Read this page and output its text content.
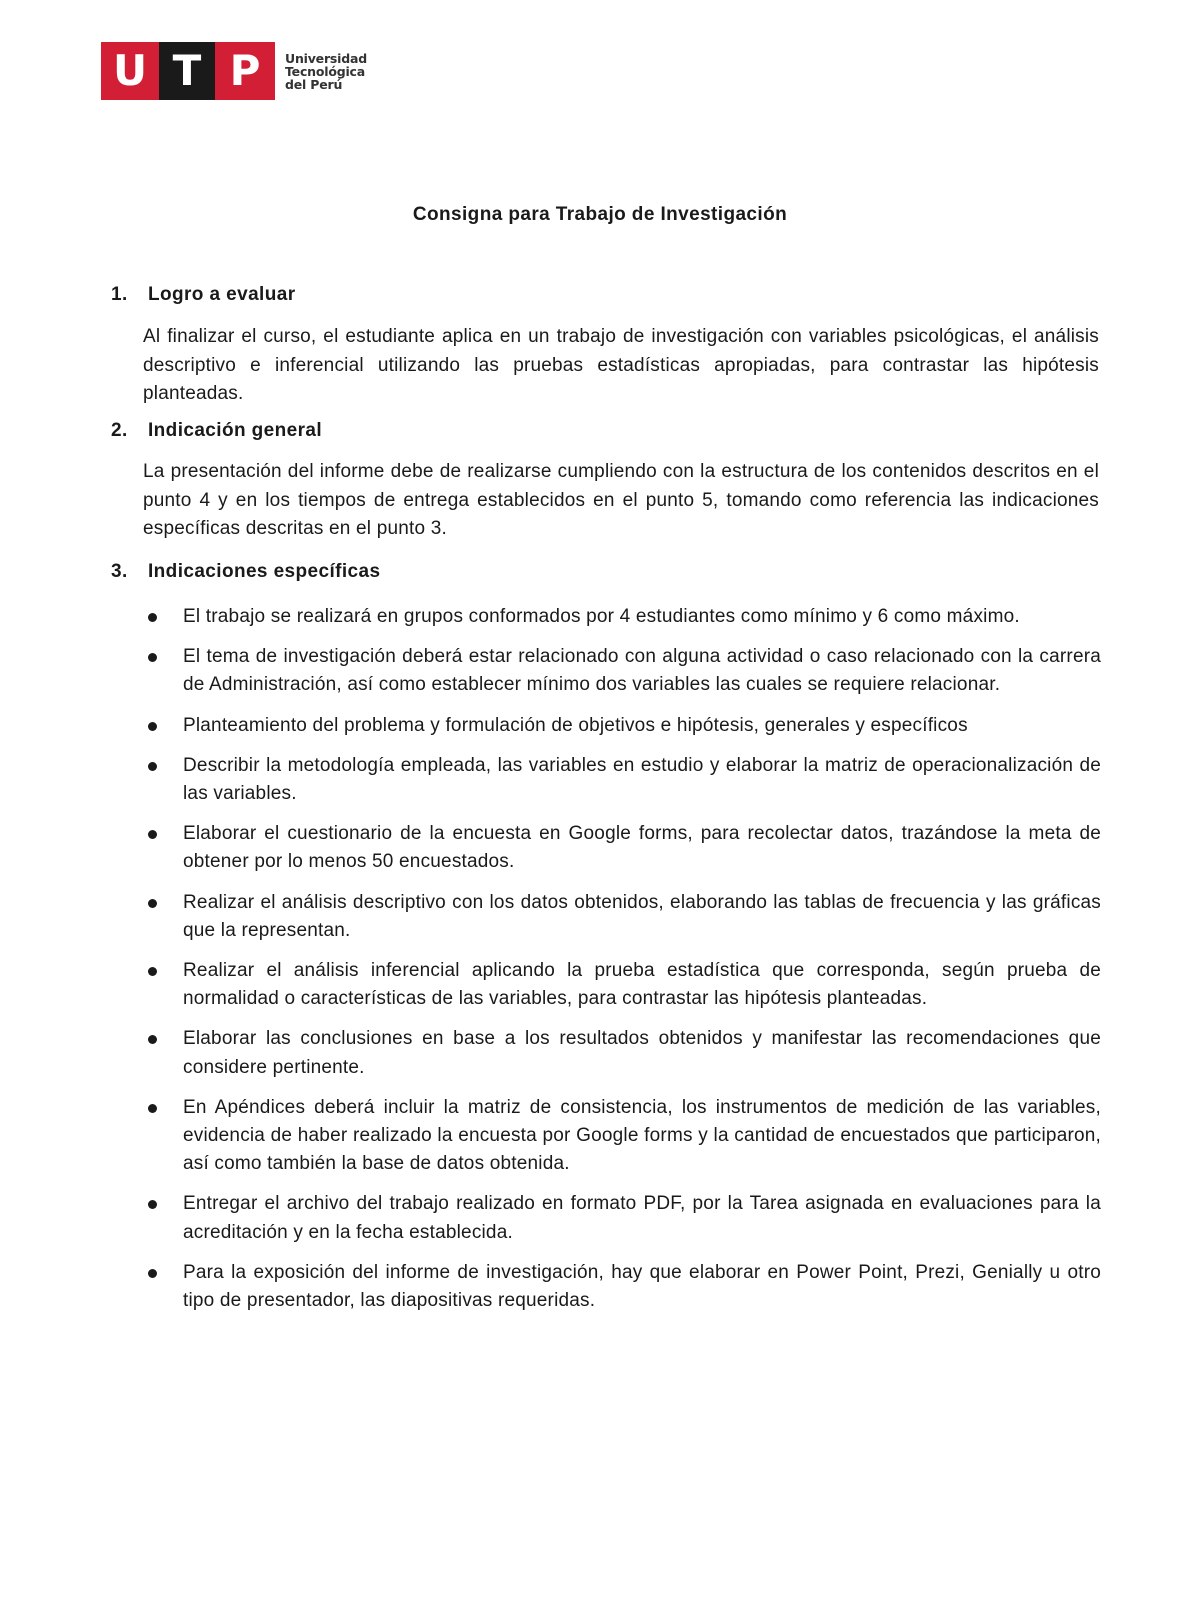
U T P	Universidad
Tecnológica
del Perú
Consigna para Trabajo de Investigación
1. Logro a evaluar
Al finalizar el curso, el estudiante aplica en un trabajo de investigación con variables psicológicas, el análisis descriptivo e inferencial utilizando las pruebas estadísticas apropiadas, para contrastar las hipótesis planteadas.
2. Indicación general
La presentación del informe debe de realizarse cumpliendo con la estructura de los contenidos descritos en el punto 4 y en los tiempos de entrega establecidos en el punto 5, tomando como referencia las indicaciones específicas descritas en el punto 3.
3. Indicaciones específicas
El trabajo se realizará en grupos conformados por 4 estudiantes como mínimo y 6 como máximo.
El tema de investigación deberá estar relacionado con alguna actividad o caso relacionado con la carrera de Administración, así como establecer mínimo dos variables las cuales se requiere relacionar.
Planteamiento del problema y formulación de objetivos e hipótesis, generales y específicos
Describir la metodología empleada, las variables en estudio y elaborar la matriz de operacionalización de las variables.
Elaborar el cuestionario de la encuesta en Google forms, para recolectar datos, trazándose la meta de obtener por lo menos 50 encuestados.
Realizar el análisis descriptivo con los datos obtenidos, elaborando las tablas de frecuencia y las gráficas que la representan.
Realizar el análisis inferencial aplicando la prueba estadística que corresponda, según prueba de normalidad o características de las variables, para contrastar las hipótesis planteadas.
Elaborar las conclusiones en base a los resultados obtenidos y manifestar las recomendaciones que considere pertinente.
En Apéndices deberá incluir la matriz de consistencia, los instrumentos de medición de las variables, evidencia de haber realizado la encuesta por Google forms y la cantidad de encuestados que participaron, así como también la base de datos obtenida.
Entregar el archivo del trabajo realizado en formato PDF, por la Tarea asignada en evaluaciones para la acreditación y en la fecha establecida.
Para la exposición del informe de investigación, hay que elaborar en Power Point, Prezi, Genially u otro tipo de presentador, las diapositivas requeridas.
